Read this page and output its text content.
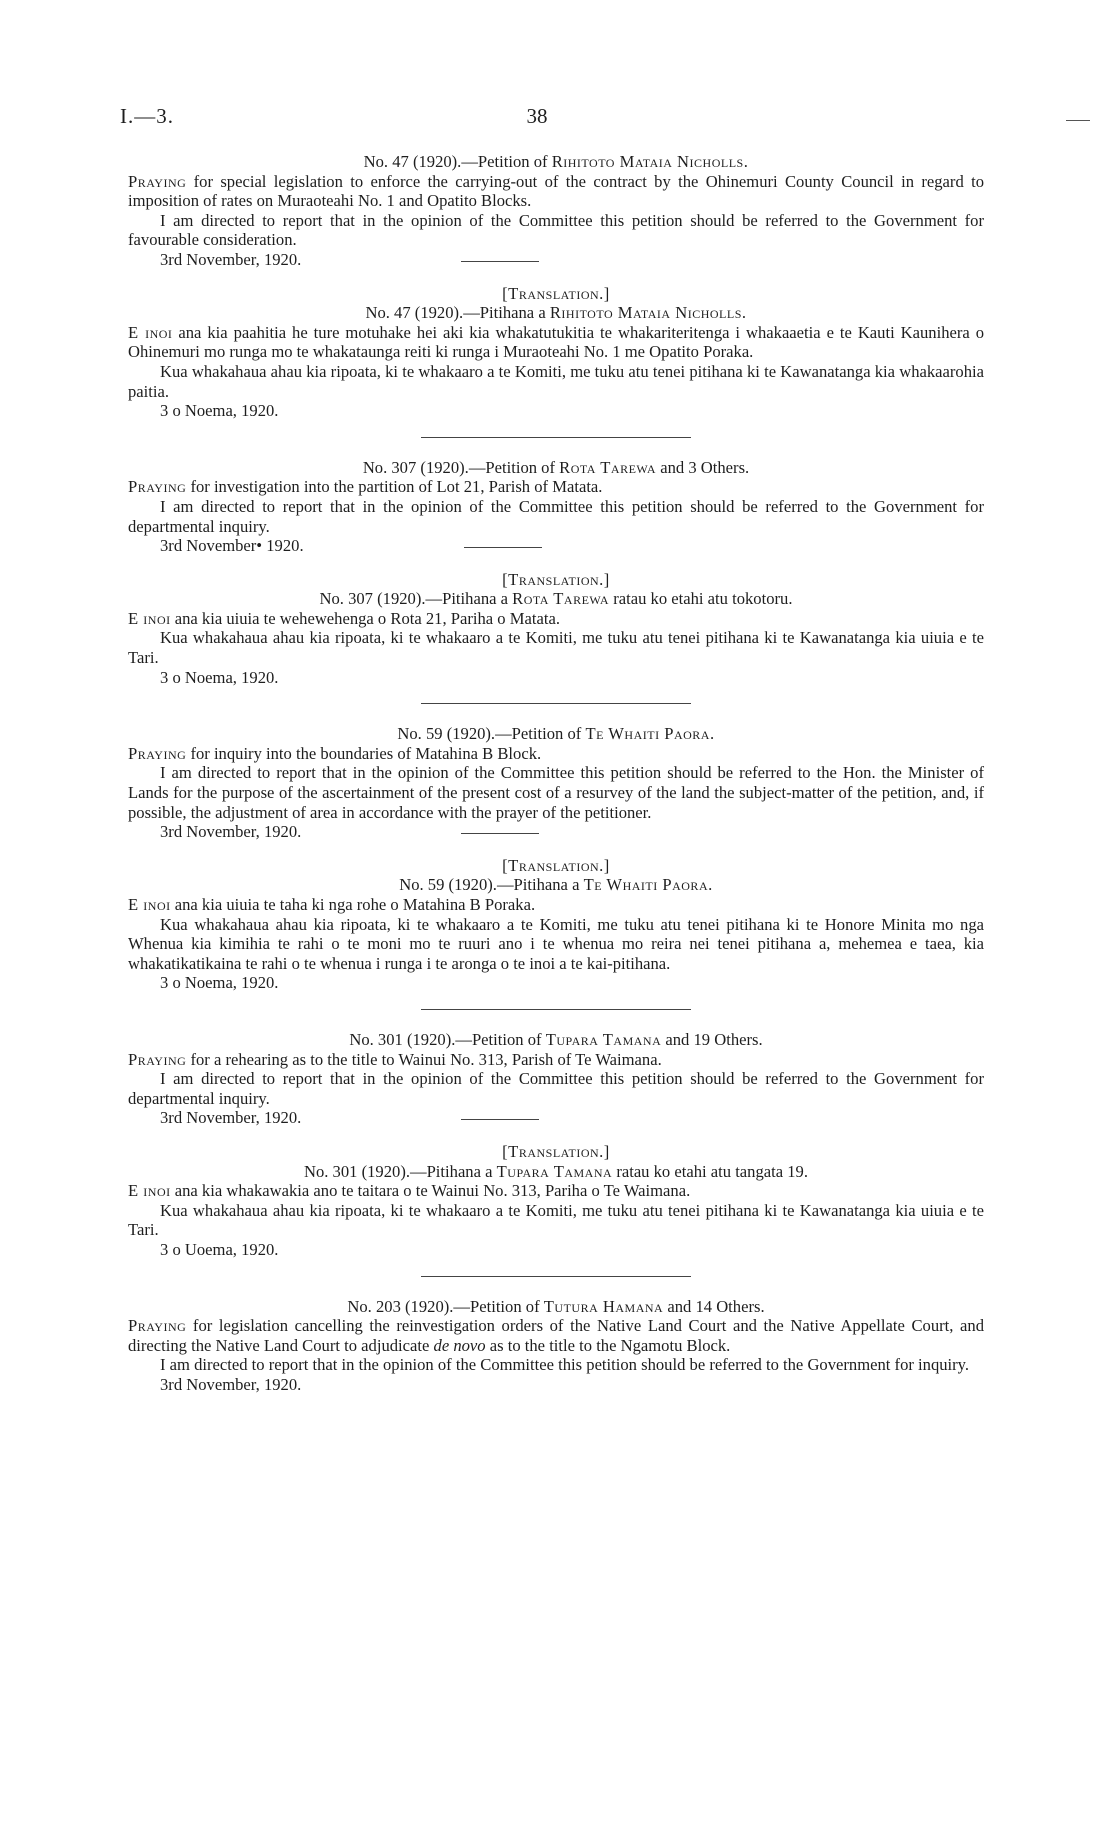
I.—3.	38

No. 47 (1920).—Petition of Rihitoto Mataia Nicholls.

Praying for special legislation to enforce the carrying-out of the contract by the Ohinemuri County Council in regard to imposition of rates on Muraoteahi No. 1 and Opatito Blocks.

I am directed to report that in the opinion of the Committee this petition should be referred to the Government for favourable consideration.

3rd November, 1920.

[Translation.]

No. 47 (1920).—Pitihana a Rihitoto Mataia Nicholls.

E inoi ana kia paahitia he ture motuhake hei aki kia whakatutukitia te whakariteritenga i whakaaetia e te Kauti Kaunihera o Ohinemuri mo runga mo te whakataunga reiti ki runga i Muraoteahi No. 1 me Opatito Poraka.

Kua whakahaua ahau kia ripoata, ki te whakaaro a te Komiti, me tuku atu tenei pitihana ki te Kawanatanga kia whakaarohia paitia.

3 o Noema, 1920.

No. 307 (1920).—Petition of Rota Tarewa and 3 Others.

Praying for investigation into the partition of Lot 21, Parish of Matata.

I am directed to report that in the opinion of the Committee this petition should be referred to the Government for departmental inquiry.

3rd November• 1920.

[Translation.]

No. 307 (1920).—Pitihana a Rota Tarewa ratau ko etahi atu tokotoru.

E inoi ana kia uiuia te wehewehenga o Rota 21, Pariha o Matata.

Kua whakahaua ahau kia ripoata, ki te whakaaro a te Komiti, me tuku atu tenei pitihana ki te Kawanatanga kia uiuia e te Tari.

3 o Noema, 1920.

No. 59 (1920).—Petition of Te Whaiti Paora.

Praying for inquiry into the boundaries of Matahina B Block.

I am directed to report that in the opinion of the Committee this petition should be referred to the Hon. the Minister of Lands for the purpose of the ascertainment of the present cost of a resurvey of the land the subject-matter of the petition, and, if possible, the adjustment of area in accordance with the prayer of the petitioner.

3rd November, 1920.

[Translation.]

No. 59 (1920).—Pitihana a Te Whaiti Paora.

E inoi ana kia uiuia te taha ki nga rohe o Matahina B Poraka.

Kua whakahaua ahau kia ripoata, ki te whakaaro a te Komiti, me tuku atu tenei pitihana ki te Honore Minita mo nga Whenua kia kimihia te rahi o te moni mo te ruuri ano i te whenua mo reira nei tenei pitihana a, mehemea e taea, kia whakatikatikaina te rahi o te whenua i runga i te aronga o te inoi a te kai-pitihana.

3 o Noema, 1920.

No. 301 (1920).—Petition of Tupara Tamana and 19 Others.

Praying for a rehearing as to the title to Wainui No. 313, Parish of Te Waimana.

I am directed to report that in the opinion of the Committee this petition should be referred to the Government for departmental inquiry.

3rd November, 1920.

[Translation.]

No. 301 (1920).—Pitihana a Tupara Tamana ratau ko etahi atu tangata 19.

E inoi ana kia whakawakia ano te taitara o te Wainui No. 313, Pariha o Te Waimana.

Kua whakahaua ahau kia ripoata, ki te whakaaro a te Komiti, me tuku atu tenei pitihana ki te Kawanatanga kia uiuia e te Tari.

3 o Uoema, 1920.

No. 203 (1920).—Petition of Tutura Hamana and 14 Others.

Praying for legislation cancelling the reinvestigation orders of the Native Land Court and the Native Appellate Court, and directing the Native Land Court to adjudicate de novo as to the title to the Ngamotu Block.

I am directed to report that in the opinion of the Committee this petition should be referred to the Government for inquiry.

3rd November, 1920.
